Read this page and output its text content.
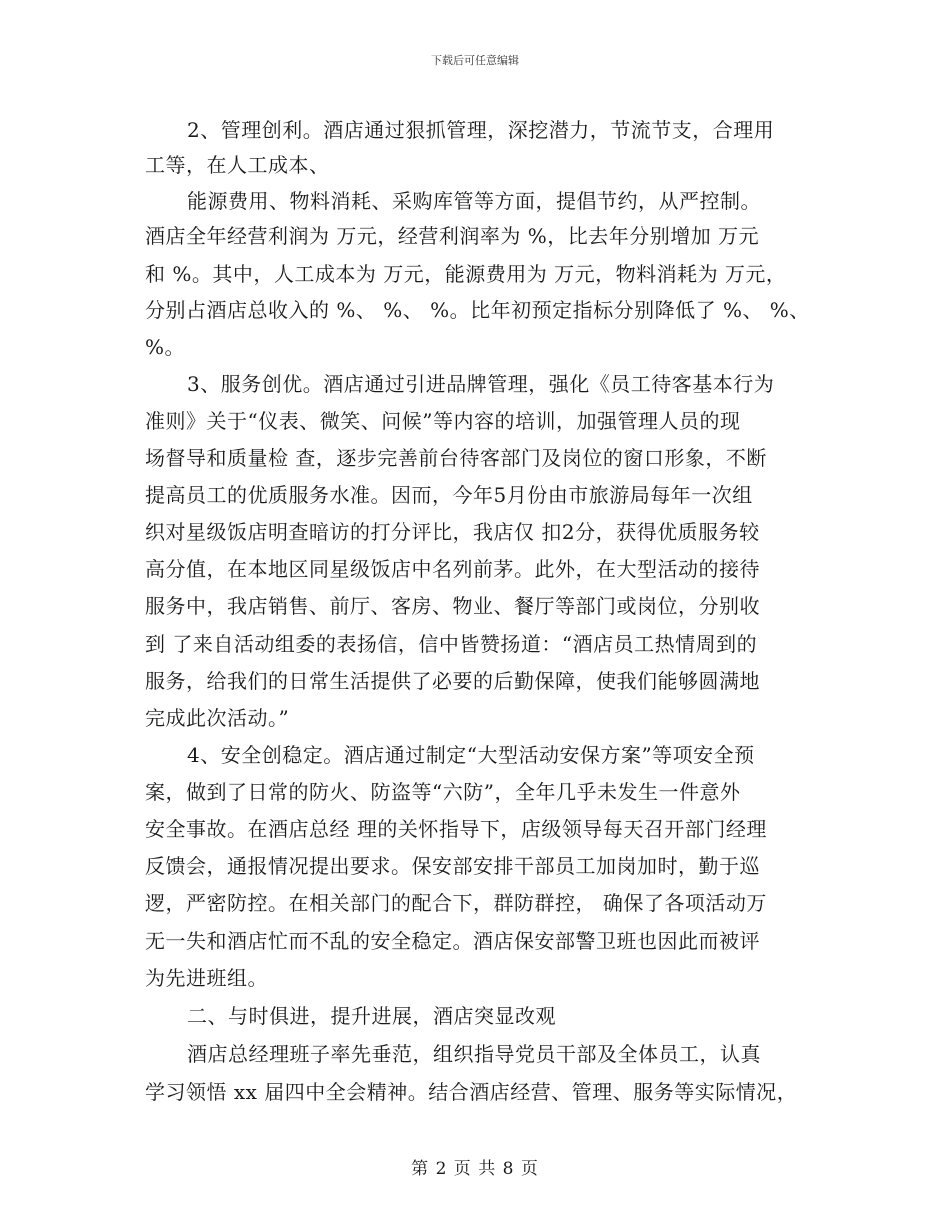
下载后可任意编辑
2、管理创利。酒店通过狠抓管理，深挖潜力，节流节支，合理用
工等，在人工成本、
能源费用、物料消耗、采购库管等方面，提倡节约，从严控制。
酒店全年经营利润为 万元，经营利润率为 %，比去年分别增加 万元
和 %。其中，人工成本为 万元，能源费用为 万元，物料消耗为 万元，
分别占酒店总收入的 %、 %、 %。比年初预定指标分别降低了 %、 %、
%。
3、服务创优。酒店通过引进品牌管理，强化《员工待客基本行为
准则》关于“仪表、微笑、问候”等内容的培训，加强管理人员的现
场督导和质量检 查，逐步完善前台待客部门及岗位的窗口形象，不断
提高员工的优质服务水准。因而，今年5月份由市旅游局每年一次组
织对星级饭店明查暗访的打分评比，我店仅 扣2分，获得优质服务较
高分值，在本地区同星级饭店中名列前茅。此外，在大型活动的接待
服务中，我店销售、前厅、客房、物业、餐厅等部门或岗位，分别收
到 了来自活动组委的表扬信，信中皆赞扬道：“酒店员工热情周到的
服务，给我们的日常生活提供了必要的后勤保障，使我们能够圆满地
完成此次活动。”
4、安全创稳定。酒店通过制定“大型活动安保方案”等项安全预
案，做到了日常的防火、防盗等“六防”，全年几乎未发生一件意外
安全事故。在酒店总经 理的关怀指导下，店级领导每天召开部门经理
反馈会，通报情况提出要求。保安部安排干部员工加岗加时，勤于巡
逻，严密防控。在相关部门的配合下，群防群控， 确保了各项活动万
无一失和酒店忙而不乱的安全稳定。酒店保安部警卫班也因此而被评
为先进班组。
二、与时俱进，提升进展，酒店突显改观
酒店总经理班子率先垂范，组织指导党员干部及全体员工，认真
学习领悟 xx 届四中全会精神。结合酒店经营、管理、服务等实际情况，
第 2 页 共 8 页
